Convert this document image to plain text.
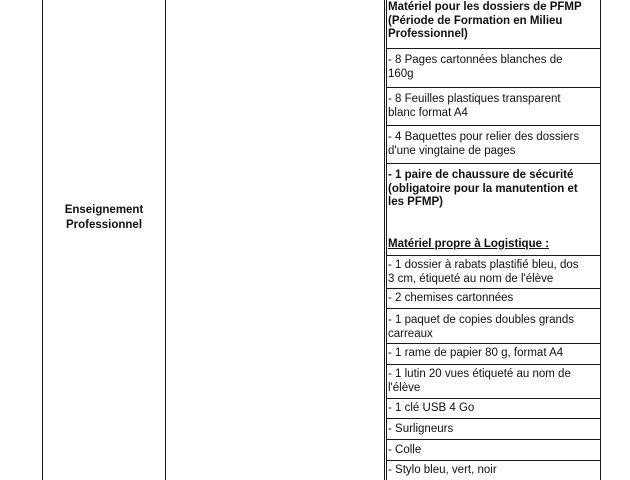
Enseignement
Professionnel
Matériel pour les dossiers de PFMP
(Période de Formation en Milieu
Professionnel)
- 8 Pages cartonnées blanches de
160g
- 8 Feuilles plastiques transparent
blanc format A4
- 4 Baquettes pour relier des dossiers
d'une vingtaine de pages
- 1 paire de chaussure de sécurité
(obligatoire pour la manutention et
les PFMP)
Matériel propre à Logistique :
- 1 dossier à rabats plastifié bleu, dos
3 cm, étiqueté au nom de l'élève
- 2 chemises cartonnées
- 1 paquet de copies doubles grands
carreaux
- 1 rame de papier 80 g, format A4
- 1 lutin 20 vues étiqueté au nom de
l'élève
- 1 clé USB 4 Go
- Surligneurs
- Colle
- Stylo bleu, vert, noir
